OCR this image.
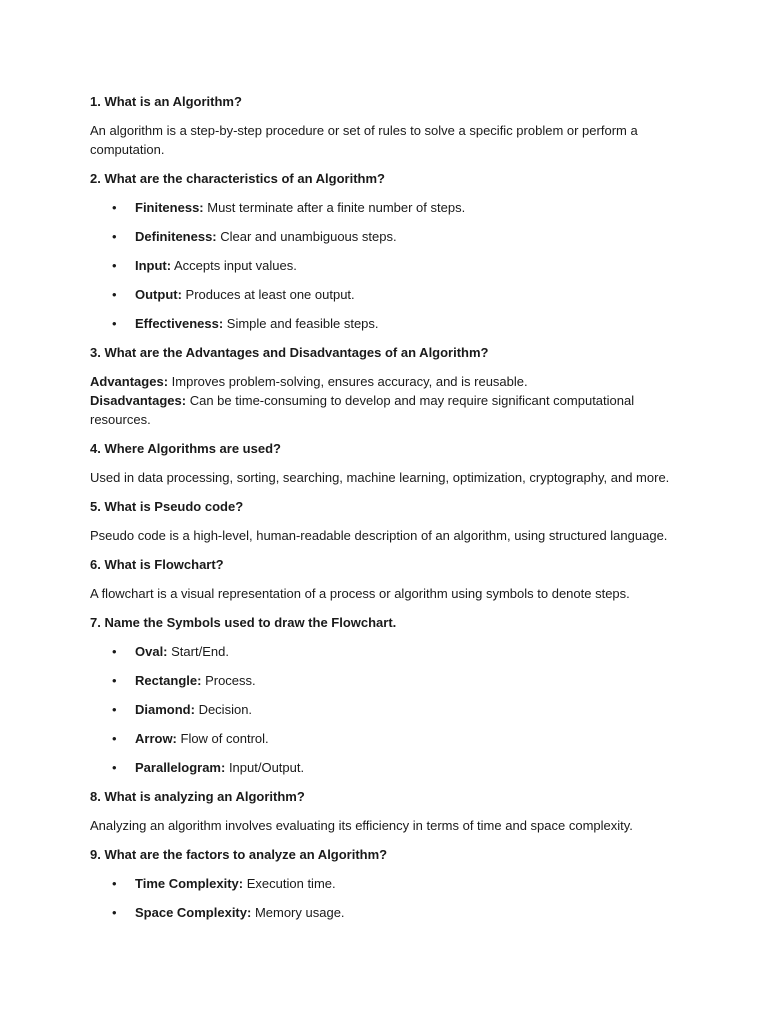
1. What is an Algorithm?
An algorithm is a step-by-step procedure or set of rules to solve a specific problem or perform a computation.
2. What are the characteristics of an Algorithm?
• Finiteness: Must terminate after a finite number of steps.
• Definiteness: Clear and unambiguous steps.
• Input: Accepts input values.
• Output: Produces at least one output.
• Effectiveness: Simple and feasible steps.
3. What are the Advantages and Disadvantages of an Algorithm?
Advantages: Improves problem-solving, ensures accuracy, and is reusable.
Disadvantages: Can be time-consuming to develop and may require significant computational resources.
4. Where Algorithms are used?
Used in data processing, sorting, searching, machine learning, optimization, cryptography, and more.
5. What is Pseudo code?
Pseudo code is a high-level, human-readable description of an algorithm, using structured language.
6. What is Flowchart?
A flowchart is a visual representation of a process or algorithm using symbols to denote steps.
7. Name the Symbols used to draw the Flowchart.
• Oval: Start/End.
• Rectangle: Process.
• Diamond: Decision.
• Arrow: Flow of control.
• Parallelogram: Input/Output.
8. What is analyzing an Algorithm?
Analyzing an algorithm involves evaluating its efficiency in terms of time and space complexity.
9. What are the factors to analyze an Algorithm?
• Time Complexity: Execution time.
• Space Complexity: Memory usage.
